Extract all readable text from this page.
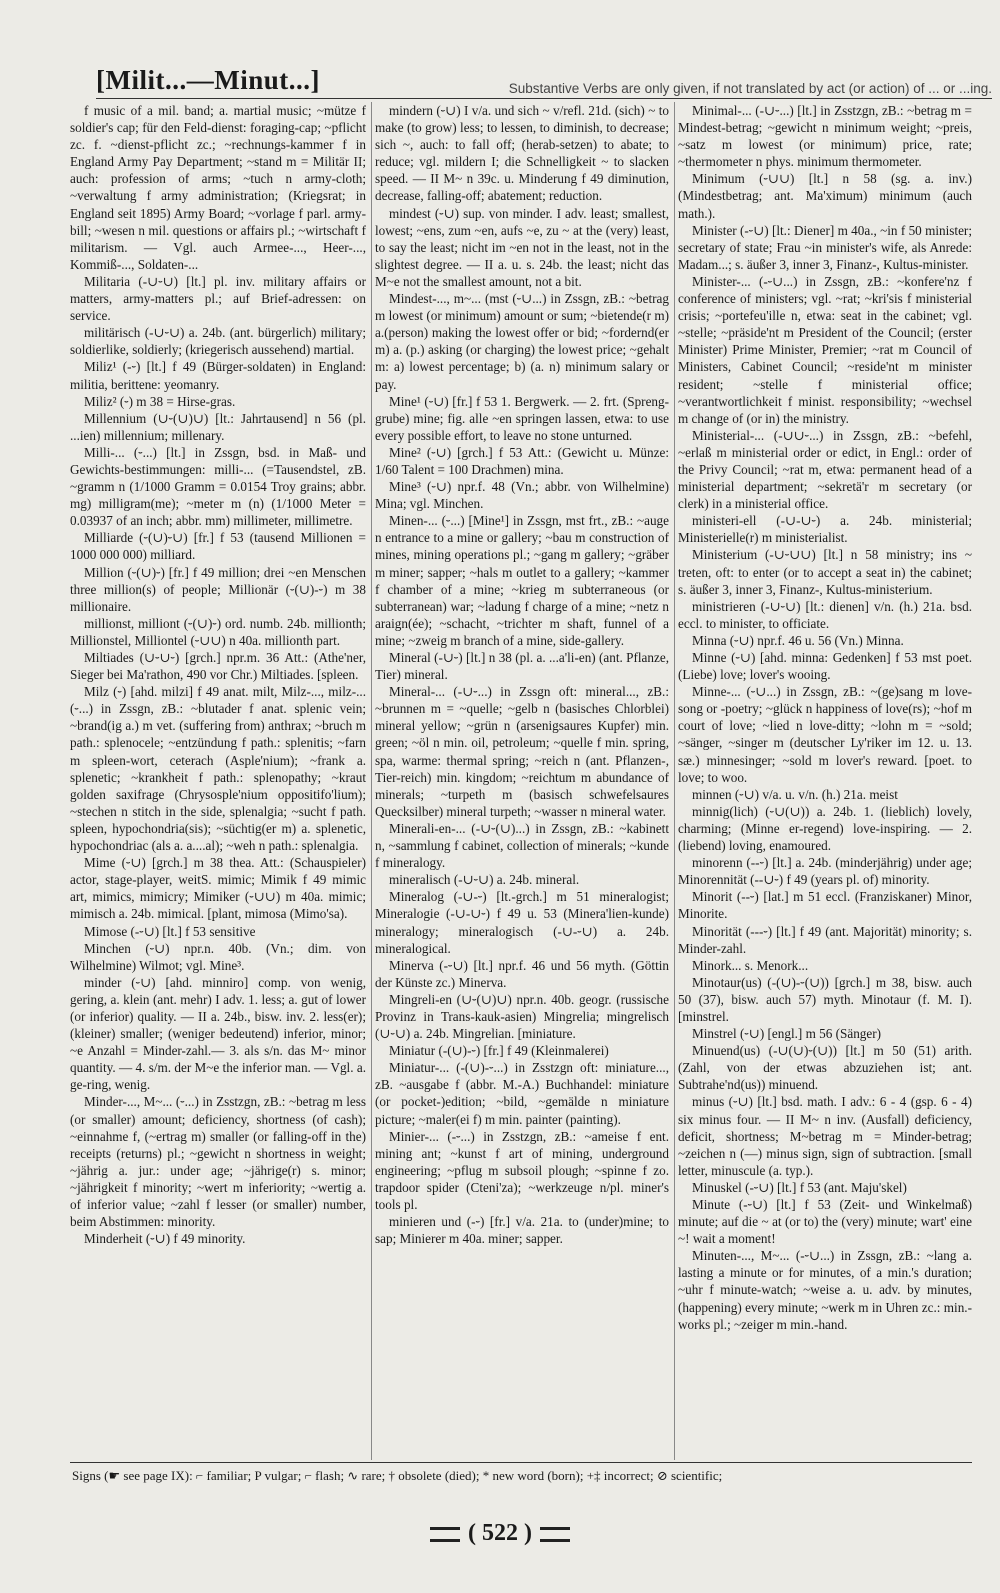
[Milit...—Minut...]	Substantive Verbs are only given, if not translated by act (or action) of ... or ...ing.

f music of a mil. band; a. martial music; ~mütze f soldier's cap; für den Feld-dienst: foraging-cap; ~pflicht zc. f. ~dienst-pflicht zc.; ~rechnungs-kammer f in England Army Pay Department; ~stand m = Militär II; auch: profession of arms; ~tuch n army-cloth; ~verwaltung f army administration; (Kriegsrat; in England seit 1895) Army Board; ~vorlage f parl. army-bill; ~wesen n mil. questions or affairs pl.; ~wirtschaft f militarism. — Vgl. auch Armee-..., Heer-..., Kommiß-..., Soldaten-...

Militaria (-∪⏑∪) [lt.] pl. inv. military affairs or matters, army-matters pl.; auf Brief-adressen: on service.

militärisch (-∪⏑∪) a. 24b. (ant. bürgerlich) military; soldierlike, soldierly; (kriegerisch aussehend) martial.

Miliz¹ (-⏑) [lt.] f 49 (Bürger-soldaten) in England: militia, berittene: yeomanry.

Miliz² (⏑) m 38 = Hirse-gras.

Millennium (∪⏑(∪)∪) [lt.: Jahrtausend] n 56 (pl. ...ien) millennium; millenary.

Milli-... (⏑...) [lt.] in Zssgn, bsd. in Maß- und Gewichts-bestimmungen: milli-... (=Tausendstel, zB. ~gramm n (1/1000 Gramm = 0.0154 Troy grains; abbr. mg) milligram(me); ~meter m (n) (1/1000 Meter = 0.03937 of an inch; abbr. mm) millimeter, millimetre.

Milliarde (⏑(∪)⏑∪) [fr.] f 53 (tausend Millionen = 1000 000 000) milliard.

Million (⏑(∪)⏑) [fr.] f 49 million; drei ~en Menschen three million(s) of people; Millionär (⏑(∪)-⏑) m 38 millionaire.

millionst, milliont (⏑(∪)⏑) ord. numb. 24b. millionth; Millionstel, Milliontel (⏑∪∪) n 40a. millionth part.

Miltiades (∪⏑∪⏑) [grch.] npr.m. 36 Att.: (Athe'ner, Sieger bei Ma'rathon, 490 vor Chr.) Miltiades. [spleen.

Milz (⏑) [ahd. milzi] f 49 anat. milt, Milz-..., milz-... (⏑...) in Zssgn, zB.: ~blutader f anat. splenic vein; ~brand(ig a.) m vet. (suffering from) anthrax; ~bruch m path.: splenocele; ~entzündung f path.: splenitis; ~farn m spleen-wort, ceterach (Asple'nium); ~frank a. splenetic; ~krankheit f path.: splenopathy; ~kraut golden saxifrage (Chrysosple'nium oppositifo'lium); ~stechen n stitch in the side, splenalgia; ~sucht f path. spleen, hypochondria(sis); ~süchtig(er m) a. splenetic, hypochondriac (als a. a....al); ~weh n path.: splenalgia.

Mime (⏑∪) [grch.] m 38 thea. Att.: (Schauspieler) actor, stage-player, weitS. mimic; Mimik f 49 mimic art, mimics, mimicry; Mimiker (⏑∪∪) m 40a. mimic; mimisch a. 24b. mimical. [plant, mimosa (Mimo'sa).

Mimose (-⏑∪) [lt.] f 53 sensitive

Minchen (⏑∪) npr.n. 40b. (Vn.; dim. von Wilhelmine) Wilmot; vgl. Mine³.

minder (⏑∪) [ahd. minniro] comp. von wenig, gering, a. klein (ant. mehr) I adv. 1. less; a. gut of lower (or inferior) quality. — II a. 24b., bisw. inv. 2. less(er); (kleiner) smaller; (weniger bedeutend) inferior, minor; ~e Anzahl = Minder-zahl.— 3. als s/n. das M~ minor quantity. — 4. s/m. der M~e the inferior man. — Vgl. a. ge-ring, wenig.

Minder-..., M~... (⏑...) in Zsstzgn, zB.: ~betrag m less (or smaller) amount; deficiency, shortness (of cash); ~einnahme f, (~ertrag m) smaller (or falling-off in the) receipts (returns) pl.; ~gewicht n shortness in weight; ~jährig a. jur.: under age; ~jährige(r) s. minor; ~jährigkeit f minority; ~wert m inferiority; ~wertig a. of inferior value; ~zahl f lesser (or smaller) number, beim Abstimmen: minority.

Minderheit (⏑∪) f 49 minority.

mindern (⏑∪) I v/a. und sich ~ v/refl. 21d. (sich) ~ to make (to grow) less; to lessen, to diminish, to decrease; sich ~, auch: to fall off; (herab-setzen) to abate; to reduce; vgl. mildern I; die Schnelligkeit ~ to slacken speed. — II M~ n 39c. u. Minderung f 49 diminution, decrease, falling-off; abatement; reduction.

mindest (⏑∪) sup. von minder. I adv. least; smallest, lowest; ~ens, zum ~en, aufs ~e, zu ~ at the (very) least, to say the least; nicht im ~en not in the least, not in the slightest degree. — II a. u. s. 24b. the least; nicht das M~e not the smallest amount, not a bit.

Mindest-..., m~... (mst (⏑∪...) in Zssgn, zB.: ~betrag m lowest (or minimum) amount or sum; ~bietende(r m) a.(person) making the lowest offer or bid; ~fordernd(er m) a. (p.) asking (or charging) the lowest price; ~gehalt m: a) lowest percentage; b) (a. n) minimum salary or pay.

Mine¹ (⏑∪) [fr.] f 53 1. Bergwerk. — 2. frt. (Spreng-grube) mine; fig. alle ~en springen lassen, etwa: to use every possible effort, to leave no stone unturned.

Mine² (⏑∪) [grch.] f 53 Att.: (Gewicht u. Münze: 1/60 Talent = 100 Drachmen) mina.

Mine³ (⏑∪) npr.f. 48 (Vn.; abbr. von Wilhelmine) Mina; vgl. Minchen.

Minen-... (⏑...) [Mine¹] in Zssgn, mst frt., zB.: ~auge n entrance to a mine or gallery; ~bau m construction of mines, mining operations pl.; ~gang m gallery; ~gräber m miner; sapper; ~hals m outlet to a gallery; ~kammer f chamber of a mine; ~krieg m subterraneous (or subterranean) war; ~ladung f charge of a mine; ~netz n araign(ée); ~schacht, ~trichter m shaft, funnel of a mine; ~zweig m branch of a mine, side-gallery.

Mineral (-∪⏑) [lt.] n 38 (pl. a. ...a'li-en) (ant. Pflanze, Tier) mineral.

Mineral-... (-∪⏑...) in Zssgn oft: mineral..., zB.: ~brunnen m = ~quelle; ~gelb n (basisches Chlorblei) mineral yellow; ~grün n (arsenigsaures Kupfer) min. green; ~öl n min. oil, petroleum; ~quelle f min. spring, spa, warme: thermal spring; ~reich n (ant. Pflanzen-, Tier-reich) min. kingdom; ~reichtum m abundance of minerals; ~turpeth m (basisch schwefelsaures Quecksilber) mineral turpeth; ~wasser n mineral water.

Minerali-en-... (-∪⏑(∪)...) in Zssgn, zB.: ~kabinett n, ~sammlung f cabinet, collection of minerals; ~kunde f mineralogy.

mineralisch (-∪⏑∪) a. 24b. mineral.

Mineralog (-∪-⏑) [lt.-grch.] m 51 mineralogist; Mineralogie (-∪-∪⏑) f 49 u. 53 (Minera'lien-kunde) mineralogy; mineralogisch (-∪-⏑∪) a. 24b. mineralogical.

Minerva (-⏑∪) [lt.] npr.f. 46 und 56 myth. (Göttin der Künste zc.) Minerva.

Mingreli-en (∪⏑(∪)∪) npr.n. 40b. geogr. (russische Provinz in Trans-kauk-asien) Mingrelia; mingrelisch (∪⏑∪) a. 24b. Mingrelian. [miniature.

Miniatur (-(∪)-⏑) [fr.] f 49 (Kleinmalerei)

Miniatur-... (-(∪)-⏑...) in Zsstzgn oft: miniature..., zB. ~ausgabe f (abbr. M.-A.) Buchhandel: miniature (or pocket-)edition; ~bild, ~gemälde n miniature picture; ~maler(ei f) m min. painter (painting).

Minier-... (-⏑...) in Zsstzgn, zB.: ~ameise f ent. mining ant; ~kunst f art of mining, underground engineering; ~pflug m subsoil plough; ~spinne f zo. trapdoor spider (Cteni'za); ~werkzeuge n/pl. miner's tools pl.

minieren und (-⏑) [fr.] v/a. 21a. to (under)mine; to sap; Minierer m 40a. miner; sapper.

Minimal-... (-∪⏑...) [lt.] in Zsstzgn, zB.: ~betrag m = Mindest-betrag; ~gewicht n minimum weight; ~preis, ~satz m lowest (or minimum) price, rate; ~thermometer n phys. minimum thermometer.

Minimum (⏑∪∪) [lt.] n 58 (sg. a. inv.) (Mindestbetrag; ant. Ma'ximum) minimum (auch math.).

Minister (-⏑∪) [lt.: Diener] m 40a., ~in f 50 minister; secretary of state; Frau ~in minister's wife, als Anrede: Madam...; s. äußer 3, inner 3, Finanz-, Kultus-minister.

Minister-... (-⏑∪...) in Zssgn, zB.: ~konfere'nz f conference of ministers; vgl. ~rat; ~kri'sis f ministerial crisis; ~portefeu'ille n, etwa: seat in the cabinet; vgl. ~stelle; ~präside'nt m President of the Council; (erster Minister) Prime Minister, Premier; ~rat m Council of Ministers, Cabinet Council; ~reside'nt m minister resident; ~stelle f ministerial office; ~verantwortlichkeit f minist. responsibility; ~wechsel m change of (or in) the ministry.

Ministerial-... (-∪∪⏑...) in Zssgn, zB.: ~befehl, ~erlaß m ministerial order or edict, in Engl.: order of the Privy Council; ~rat m, etwa: permanent head of a ministerial department; ~sekretä'r m secretary (or clerk) in a ministerial office.

ministeri-ell (-∪-∪⏑) a. 24b. ministerial; Ministerielle(r) m ministerialist.

Ministerium (-∪⏑∪∪) [lt.] n 58 ministry; ins ~ treten, oft: to enter (or to accept a seat in) the cabinet; s. äußer 3, inner 3, Finanz-, Kultus-ministerium.

ministrieren (-∪⏑∪) [lt.: dienen] v/n. (h.) 21a. bsd. eccl. to minister, to officiate.

Minna (⏑∪) npr.f. 46 u. 56 (Vn.) Minna.

Minne (⏑∪) [ahd. minna: Gedenken] f 53 mst poet. (Liebe) love; lover's wooing.

Minne-... (⏑∪...) in Zssgn, zB.: ~(ge)sang m love-song or -poetry; ~glück n happiness of love(rs); ~hof m court of love; ~lied n love-ditty; ~lohn m = ~sold; ~sänger, ~singer m (deutscher Ly'riker im 12. u. 13. sæ.) minnesinger; ~sold m lover's reward. [poet. to love; to woo.

minnen (⏑∪) v/a. u. v/n. (h.) 21a. meist

minnig(lich) (⏑∪(∪)) a. 24b. 1. (lieblich) lovely, charming; (Minne er-regend) love-inspiring. — 2. (liebend) loving, enamoured.

minorenn (--⏑) [lt.] a. 24b. (minderjährig) under age; Minorennität (--∪⏑) f 49 (years pl. of) minority.

Minorit (--⏑) [lat.] m 51 eccl. (Franziskaner) Minor, Minorite.

Minorität (---⏑) [lt.] f 49 (ant. Majorität) minority; s. Minder-zahl.

Minork... s. Menork...

Minotaur(us) (-(∪)-⏑(∪)) [grch.] m 38, bisw. auch 50 (37), bisw. auch 57) myth. Minotaur (f. M. I). [minstrel.

Minstrel (⏑∪) [engl.] m 56 (Sänger)

Minuend(us) (-∪(∪)⏑(∪)) [lt.] m 50 (51) arith. (Zahl, von der etwas abzuziehen ist; ant. Subtrahe'nd(us)) minuend.

minus (⏑∪) [lt.] bsd. math. I adv.: 6 - 4 (gsp. 6 - 4) six minus four. — II M~ n inv. (Ausfall) deficiency, deficit, shortness; M~betrag m = Minder-betrag; ~zeichen n (—) minus sign, sign of subtraction. [small letter, minuscule (a. typ.).

Minuskel (-⏑∪) [lt.] f 53 (ant. Maju'skel)

Minute (-⏑∪) [lt.] f 53 (Zeit- und Winkelmaß) minute; auf die ~ at (or to) the (very) minute; wart' eine ~! wait a moment!

Minuten-..., M~... (-⏑∪...) in Zssgn, zB.: ~lang a. lasting a minute or for minutes, of a min.'s duration; ~uhr f minute-watch; ~weise a. u. adv. by minutes, (happening) every minute; ~werk m in Uhren zc.: min.-works pl.; ~zeiger m min.-hand.

Signs (☛ see page IX): ⌐ familiar; P vulgar; ⌐ flash; ∿ rare; † obsolete (died); * new word (born); +‡ incorrect; ⊘ scientific;
( 522 )
